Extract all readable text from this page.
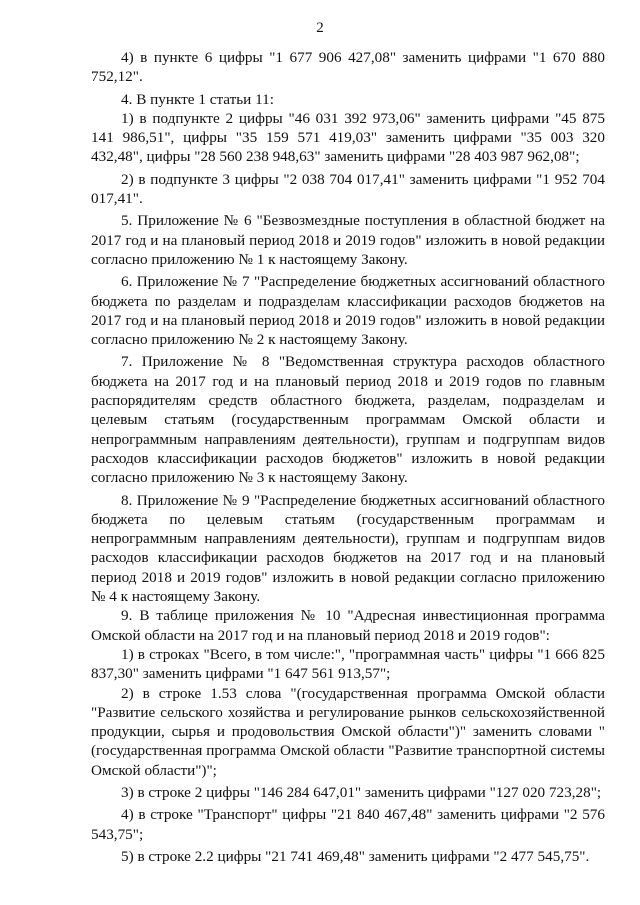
2

4) в пункте 6 цифры "1 677 906 427,08" заменить цифрами "1 670 880 752,12".

4. В пункте 1 статьи 11:

1) в подпункте 2 цифры "46 031 392 973,06" заменить цифрами "45 875 141 986,51", цифры "35 159 571 419,03" заменить цифрами "35 003 320 432,48", цифры "28 560 238 948,63" заменить цифрами "28 403 987 962,08";

2) в подпункте 3 цифры "2 038 704 017,41" заменить цифрами "1 952 704 017,41".

5. Приложение № 6 "Безвозмездные поступления в областной бюджет на 2017 год и на плановый период 2018 и 2019 годов" изложить в новой редакции согласно приложению № 1 к настоящему Закону.

6. Приложение № 7 "Распределение бюджетных ассигнований областного бюджета по разделам и подразделам классификации расходов бюджетов на 2017 год и на плановый период 2018 и 2019 годов" изложить в новой редакции согласно приложению № 2 к настоящему Закону.

7. Приложение № 8 "Ведомственная структура расходов областного бюджета на 2017 год и на плановый период 2018 и 2019 годов по главным распорядителям средств областного бюджета, разделам, подразделам и целевым статьям (государственным программам Омской области и непрограммным направлениям деятельности), группам и подгруппам видов расходов классификации расходов бюджетов" изложить в новой редакции согласно приложению № 3 к настоящему Закону.

8. Приложение № 9 "Распределение бюджетных ассигнований областного бюджета по целевым статьям (государственным программам и непрограммным направлениям деятельности), группам и подгруппам видов расходов классификации расходов бюджетов на 2017 год и на плановый период 2018 и 2019 годов" изложить в новой редакции согласно приложению № 4 к настоящему Закону.

9. В таблице приложения № 10 "Адресная инвестиционная программа Омской области на 2017 год и на плановый период 2018 и 2019 годов":

1) в строках "Всего, в том числе:", "программная часть" цифры "1 666 825 837,30" заменить цифрами "1 647 561 913,57";

2) в строке 1.53 слова "(государственная программа Омской области "Развитие сельского хозяйства и регулирование рынков сельскохозяйственной продукции, сырья и продовольствия Омской области")" заменить словами "(государственная программа Омской области "Развитие транспортной системы Омской области")";

3) в строке 2 цифры "146 284 647,01" заменить цифрами "127 020 723,28";

4) в строке "Транспорт" цифры "21 840 467,48" заменить цифрами "2 576 543,75";

5) в строке 2.2 цифры "21 741 469,48" заменить цифрами "2 477 545,75".
